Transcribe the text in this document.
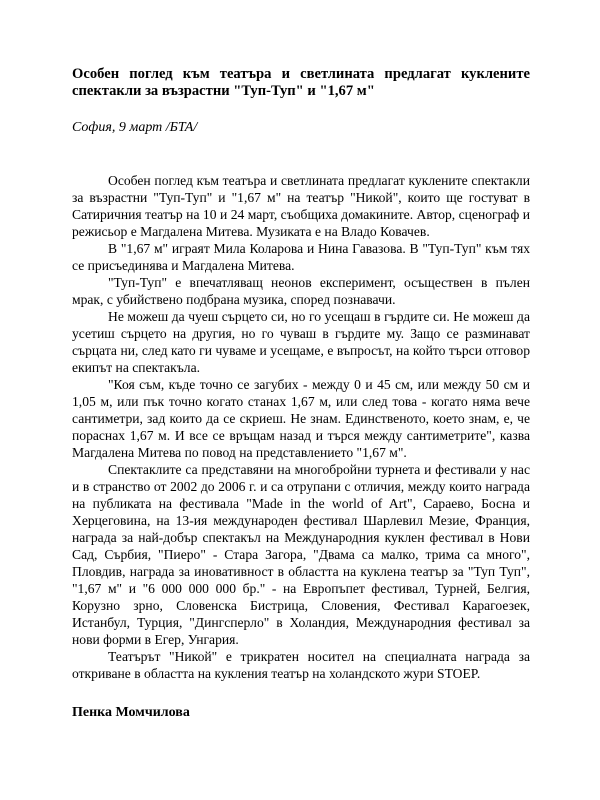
Особен поглед към театъра и светлината предлагат куклените спектакли за възрастни "Туп-Туп" и "1,67 м"

София, 9 март /БТА/

Особен поглед към театъра и светлината предлагат кукленитe спектакли за възрастни "Туп-Туп" и "1,67 м" на театър "Никой", които ще гостуват в Сатиричния театър на 10 и 24 март, съобщиха домакините. Автор, сценограф и режисьор е Магдалена Митева. Музиката е на Владо Ковачев.

В "1,67 м" играят Мила Коларова и Нина Гавазова. В "Туп-Туп" към тях се присъединява и Магдалена Митева.

"Туп-Туп" е впечатляващ неонов експеримент, осъществен в пълен мрак, с убийствено подбрана музика, според познавачи.

Не можеш да чуеш сърцето си, но го усещаш в гърдите си. Не можеш да усетиш сърцето на другия, но го чуваш в гърдите му. Защо се разминават сърцата ни, след като ги чуваме и усещаме, е въпросът, на който търси отговор екипът на спектакъла.

"Коя съм, къде точно се загубих - между 0 и 45 см, или между 50 см и 1,05 м, или пък точно когато станах 1,67 м, или след това - когато няма вече сантиметри, зад които да се скриеш. Не знам. Единственото, което знам, е, че пораснах 1,67 м. И все се връщам назад и търся между сантиметрите", казва Магдалена Митева по повод на представлението "1,67 м".

Спектаклите са представяни на многобройни турнета и фестивали у нас и в странство от 2002 до 2006 г. и са отрупани с отличия, между които награда на публиката на фестивала "Made in the world of Art", Сараево, Босна и Херцеговина, на 13-ия международен фестивал Шарлевил Мезие, Франция, награда за най-добър спектакъл на Международния куклен фестивал в Нови Сад, Сърбия, "Пиеро" - Стара Загора, "Двама са малко, трима са много", Пловдив, награда за иновативност в областта на куклена театър за "Туп Туп", "1,67 м" и "6 000 000 000 бр." - на Европъпет фестивал, Турней, Белгия, Корузно зрно, Словенска Бистрица, Словения, Фестивал Карагоезек, Истанбул, Турция, "Дингсперло" в Холандия, Международния фестивал за нови форми в Егер, Унгария.

Театърът "Никой" е трикратен носител на специалната награда за откриване в областта на кукления театър на холандското жури STOEP.

Пенка Момчилова
